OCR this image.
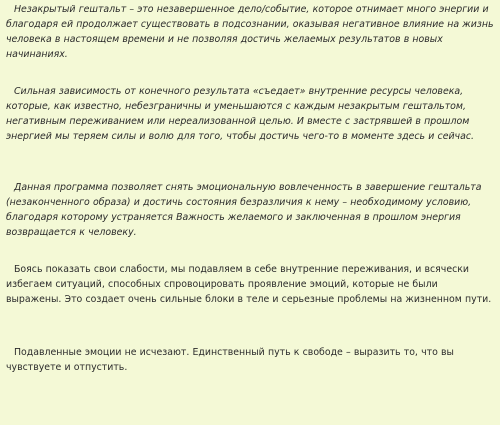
Незакрытый гештальт – это незавершенное дело/событие, которое отнимает много энергии и благодаря ей продолжает существовать в подсознании, оказывая негативное влияние на жизнь человека в настоящем времени и не позволяя достичь желаемых результатов в новых начинаниях.

Сильная зависимость от конечного результата «съедает» внутренние ресурсы человека, которые, как известно, небезграничны и уменьшаются с каждым незакрытым гештальтом, негативным переживанием или нереализованной целью. И вместе с застрявшей в прошлом энергией мы теряем силы и волю для того, чтобы достичь чего-то в моменте здесь и сейчас.

Данная программа позволяет снять эмоциональную вовлеченность в завершение гештальта (незаконченного образа) и достичь состояния безразличия к нему – необходимому условию, благодаря которому устраняется Важность желаемого и заключенная в прошлом энергия возвращается к человеку.

Боясь показать свои слабости, мы подавляем в себе внутренние переживания, и всячески избегаем ситуаций, способных спровоцировать проявление эмоций, которые не были выражены. Это создает очень сильные блоки в теле и серьезные проблемы на жизненном пути.

Подавленные эмоции не исчезают. Единственный путь к свободе – выразить то, что вы чувствуете и отпустить.
